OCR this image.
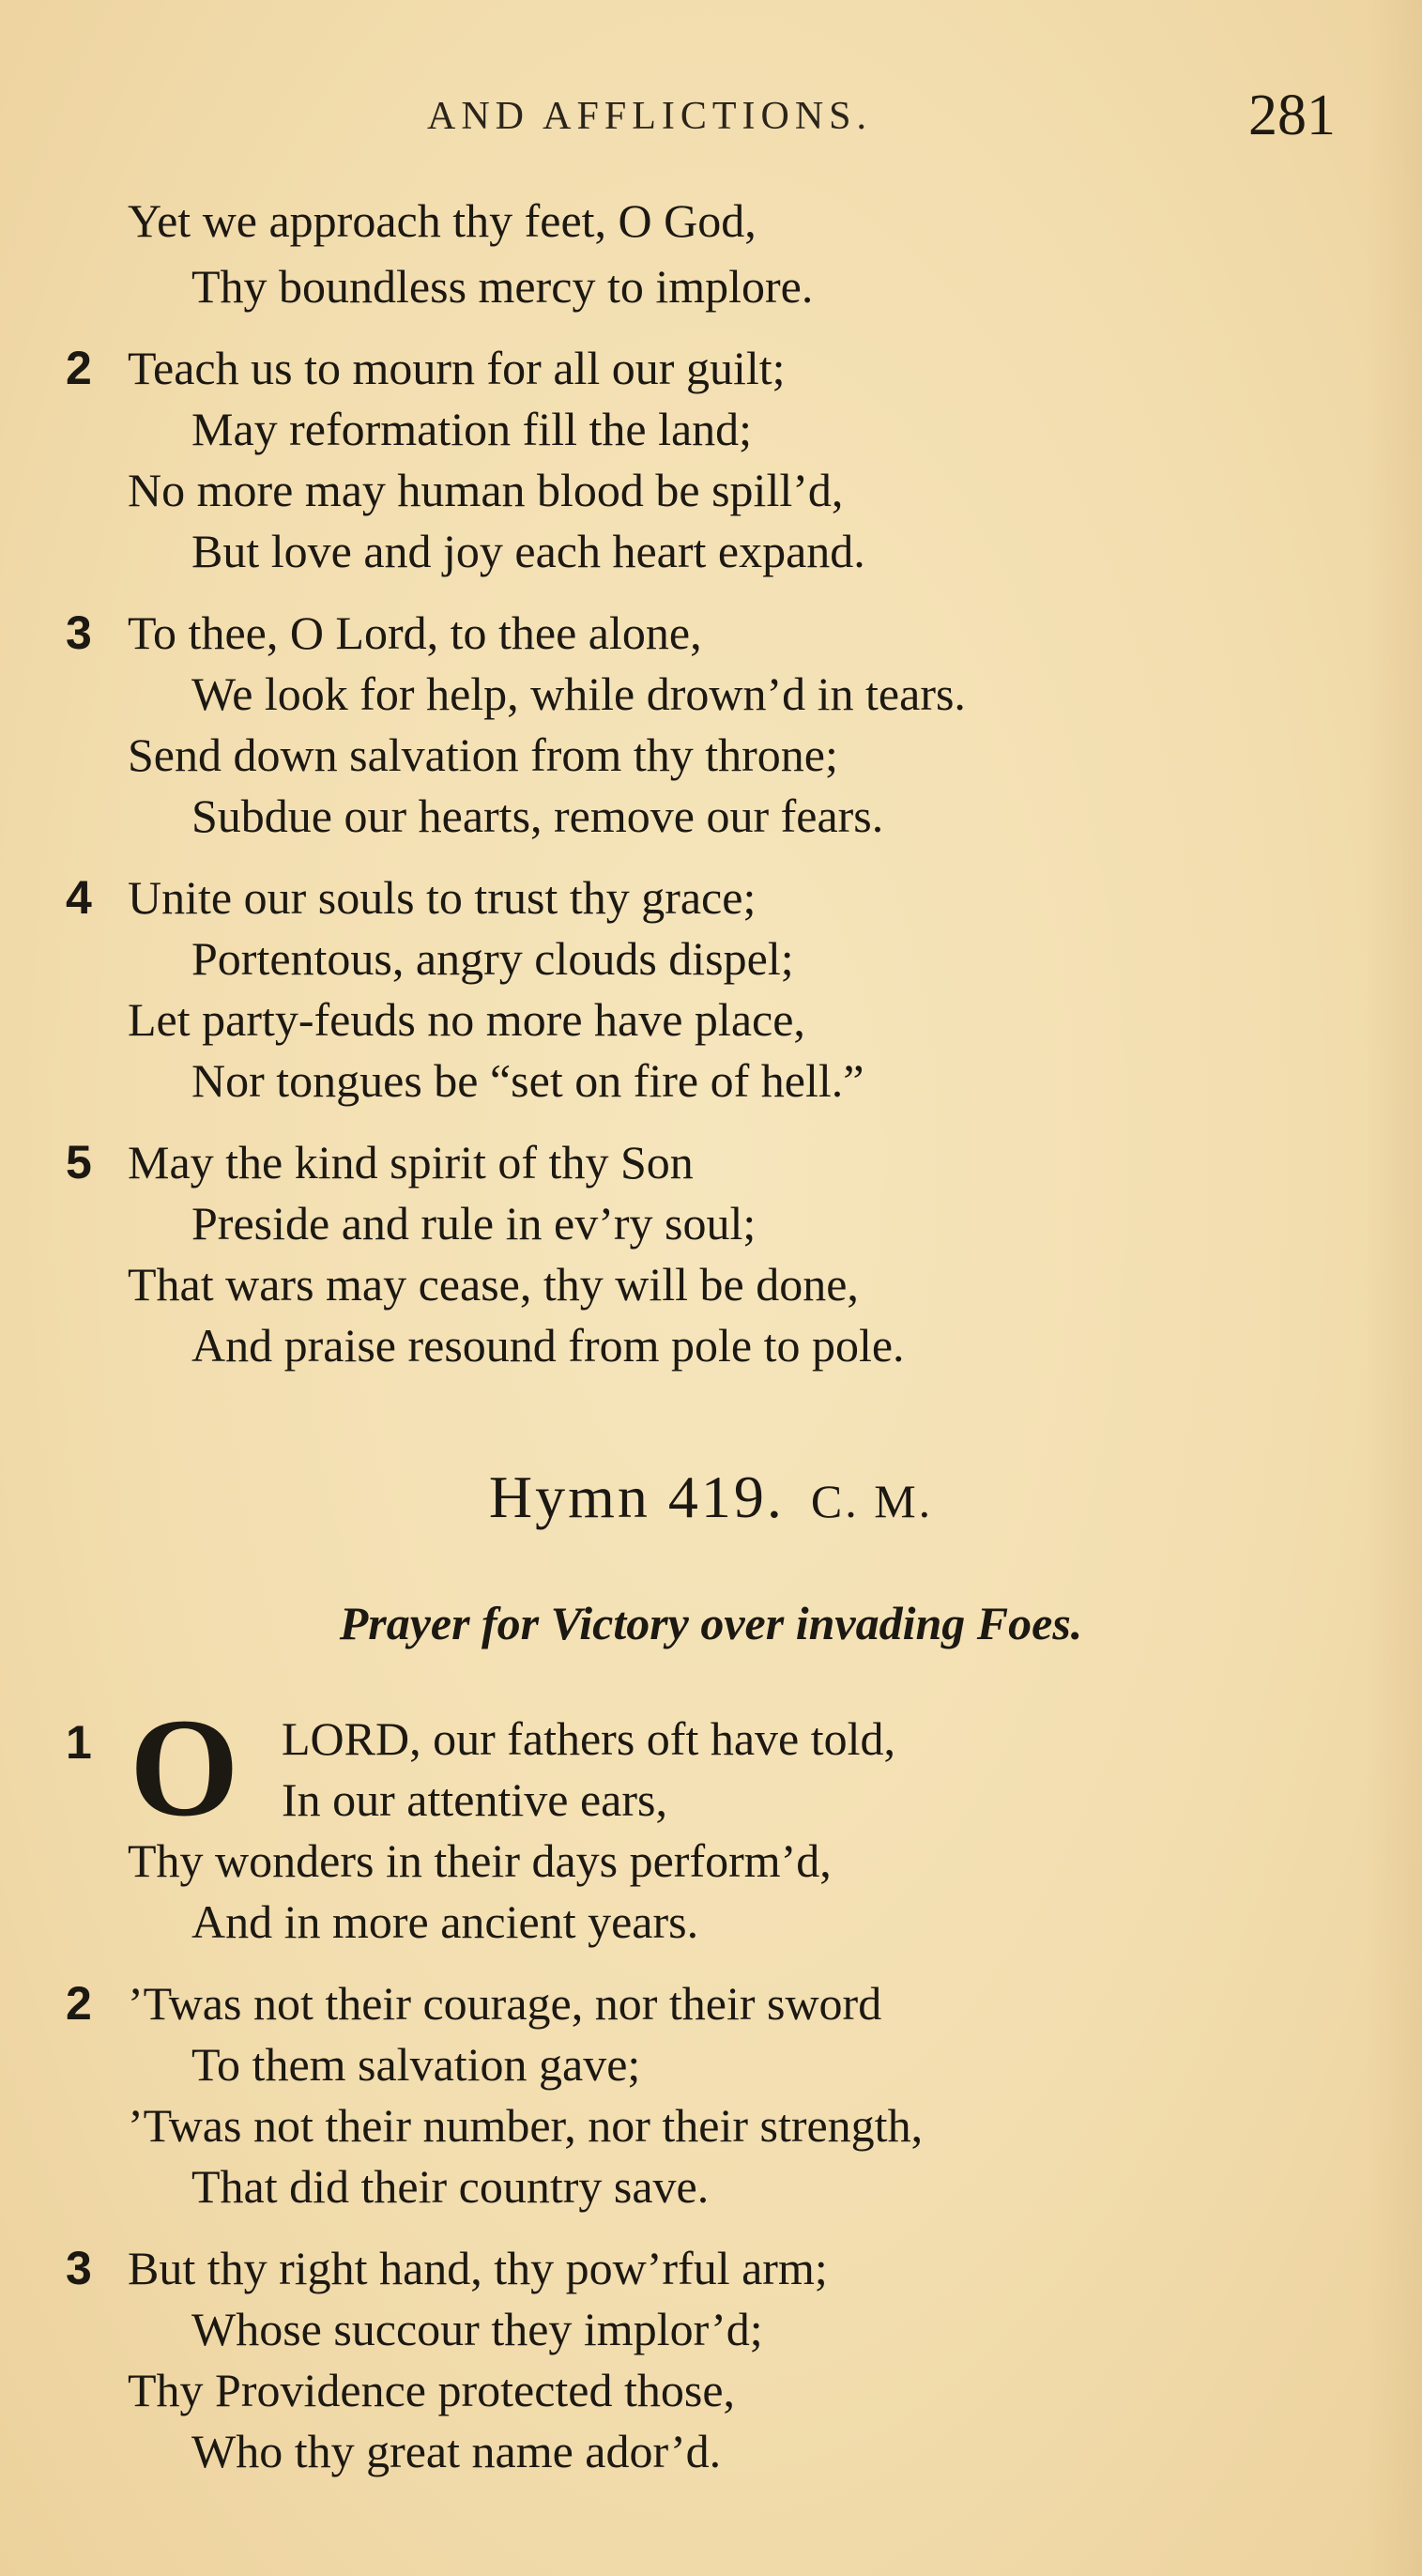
AND AFFLICTIONS.	281
Yet we approach thy feet, O God,
Thy boundless mercy to implore.
2 Teach us to mourn for all our guilt;
May reformation fill the land;
No more may human blood be spill’d,
But love and joy each heart expand.
3 To thee, O Lord, to thee alone,
We look for help, while drown’d in tears.
Send down salvation from thy throne;
Subdue our hearts, remove our fears.
4 Unite our souls to trust thy grace;
Portentous, angry clouds dispel;
Let party-feuds no more have place,
Nor tongues be “set on fire of hell.”
5 May the kind spirit of thy Son
Preside and rule in ev’ry soul;
That wars may cease, thy will be done,
And praise resound from pole to pole.
Hymn 419. C. M.
Prayer for Victory over invading Foes.
1 O LORD, our fathers oft have told,
In our attentive ears,
Thy wonders in their days perform’d,
And in more ancient years.
2 ’Twas not their courage, nor their sword
To them salvation gave;
’Twas not their number, nor their strength,
That did their country save.
3 But thy right hand, thy pow’rful arm;
Whose succour they implor’d;
Thy Providence protected those,
Who thy great name ador’d.
